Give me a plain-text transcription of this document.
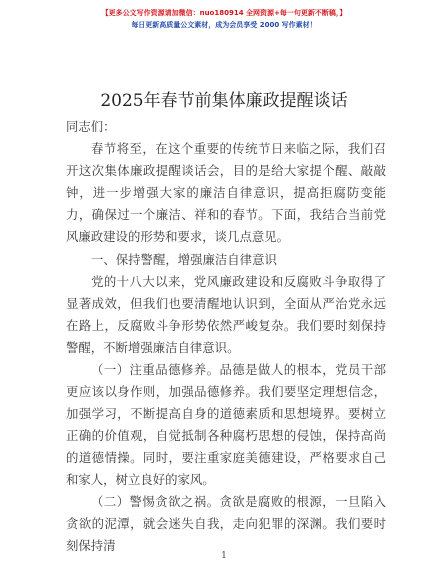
【更多公文写作资源请加微信：nuo180914 全网资源+每一句更新不断稿，】
每日更新高质量公文素材，成为会员享受 2000 写作素材！
2025年春节前集体廉政提醒谈话

同志们：

春节将至，在这个重要的传统节日来临之际，我们召开这次集体廉政提醒谈话会，目的是给大家提个醒、敲敲钟，进一步增强大家的廉洁自律意识，提高拒腐防变能力，确保过一个廉洁、祥和的春节。下面，我结合当前党风廉政建设的形势和要求，谈几点意见。

一、保持警醒，增强廉洁自律意识

党的十八大以来，党风廉政建设和反腐败斗争取得了显著成效，但我们也要清醒地认识到，全面从严治党永远在路上，反腐败斗争形势依然严峻复杂。我们要时刻保持警醒，不断增强廉洁自律意识。

（一）注重品德修养。品德是做人的根本，党员干部更应该以身作则，加强品德修养。我们要坚定理想信念，加强学习，不断提高自身的道德素质和思想境界。要树立正确的价值观，自觉抵制各种腐朽思想的侵蚀，保持高尚的道德情操。同时，要注重家庭美德建设，严格要求自己和家人，树立良好的家风。

（二）警惕贪欲之祸。贪欲是腐败的根源，一旦陷入贪欲的泥潭，就会迷失自我，走向犯罪的深渊。我们要时刻保持清

1
